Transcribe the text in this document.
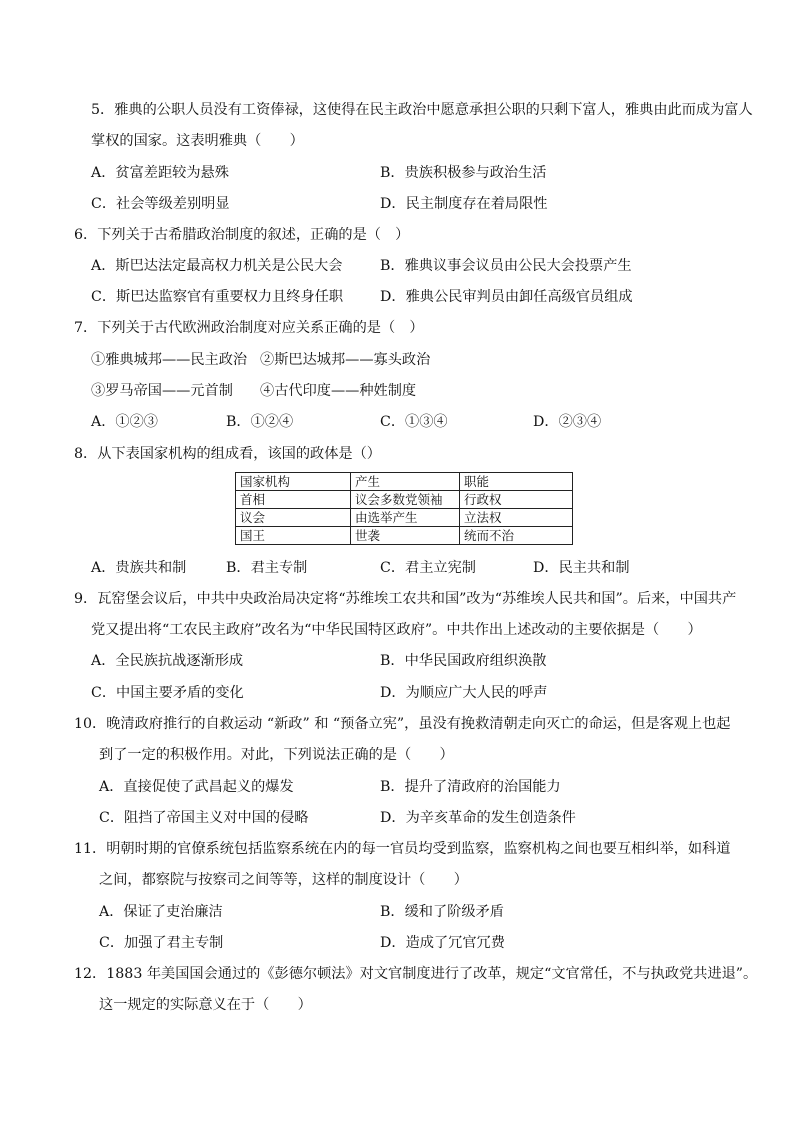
5．雅典的公职人员没有工资俸禄，这使得在民主政治中愿意承担公职的只剩下富人，雅典由此而成为富人
掌权的国家。这表明雅典（　　）
A．贫富差距较为悬殊	B．贵族积极参与政治生活
C．社会等级差别明显	D．民主制度存在着局限性
6．下列关于古希腊政治制度的叙述，正确的是（　）
A．斯巴达法定最高权力机关是公民大会	B．雅典议事会议员由公民大会投票产生
C．斯巴达监察官有重要权力且终身任职	D．雅典公民审判员由卸任高级官员组成
7．下列关于古代欧洲政治制度对应关系正确的是（　）
①雅典城邦——民主政治 ②斯巴达城邦——寡头政治
③罗马帝国——元首制 ④古代印度——种姓制度
A．①②③	B．①②④	C．①③④	D．②③④
8．从下表国家机构的组成看，该国的政体是（）
国家机构	产生	职能
首相	议会多数党领袖	行政权
议会	由选举产生	立法权
国王	世袭	统而不治
A．贵族共和制	B．君主专制	C．君主立宪制	D．民主共和制
9．瓦窑堡会议后，中共中央政治局决定将“苏维埃工农共和国”改为“苏维埃人民共和国”。后来，中国共产
党又提出将“工农民主政府”改名为“中华民国特区政府”。中共作出上述改动的主要依据是（　　）
A．全民族抗战逐渐形成	B．中华民国政府组织涣散
C．中国主要矛盾的变化	D．为顺应广大人民的呼声
10．晚清政府推行的自救运动 “新政” 和 “预备立宪”，虽没有挽救清朝走向灭亡的命运，但是客观上也起
到了一定的积极作用。对此，下列说法正确的是（　　）
A．直接促使了武昌起义的爆发	B．提升了清政府的治国能力
C．阻挡了帝国主义对中国的侵略	D．为辛亥革命的发生创造条件
11．明朝时期的官僚系统包括监察系统在内的每一官员均受到监察，监察机构之间也要互相纠举，如科道
之间，都察院与按察司之间等等，这样的制度设计（　　）
A．保证了吏治廉洁	B．缓和了阶级矛盾
C．加强了君主专制	D．造成了冗官冗费
12．1883 年美国国会通过的《彭德尔顿法》对文官制度进行了改革，规定“文官常任，不与执政党共进退”。
这一规定的实际意义在于（　　）
